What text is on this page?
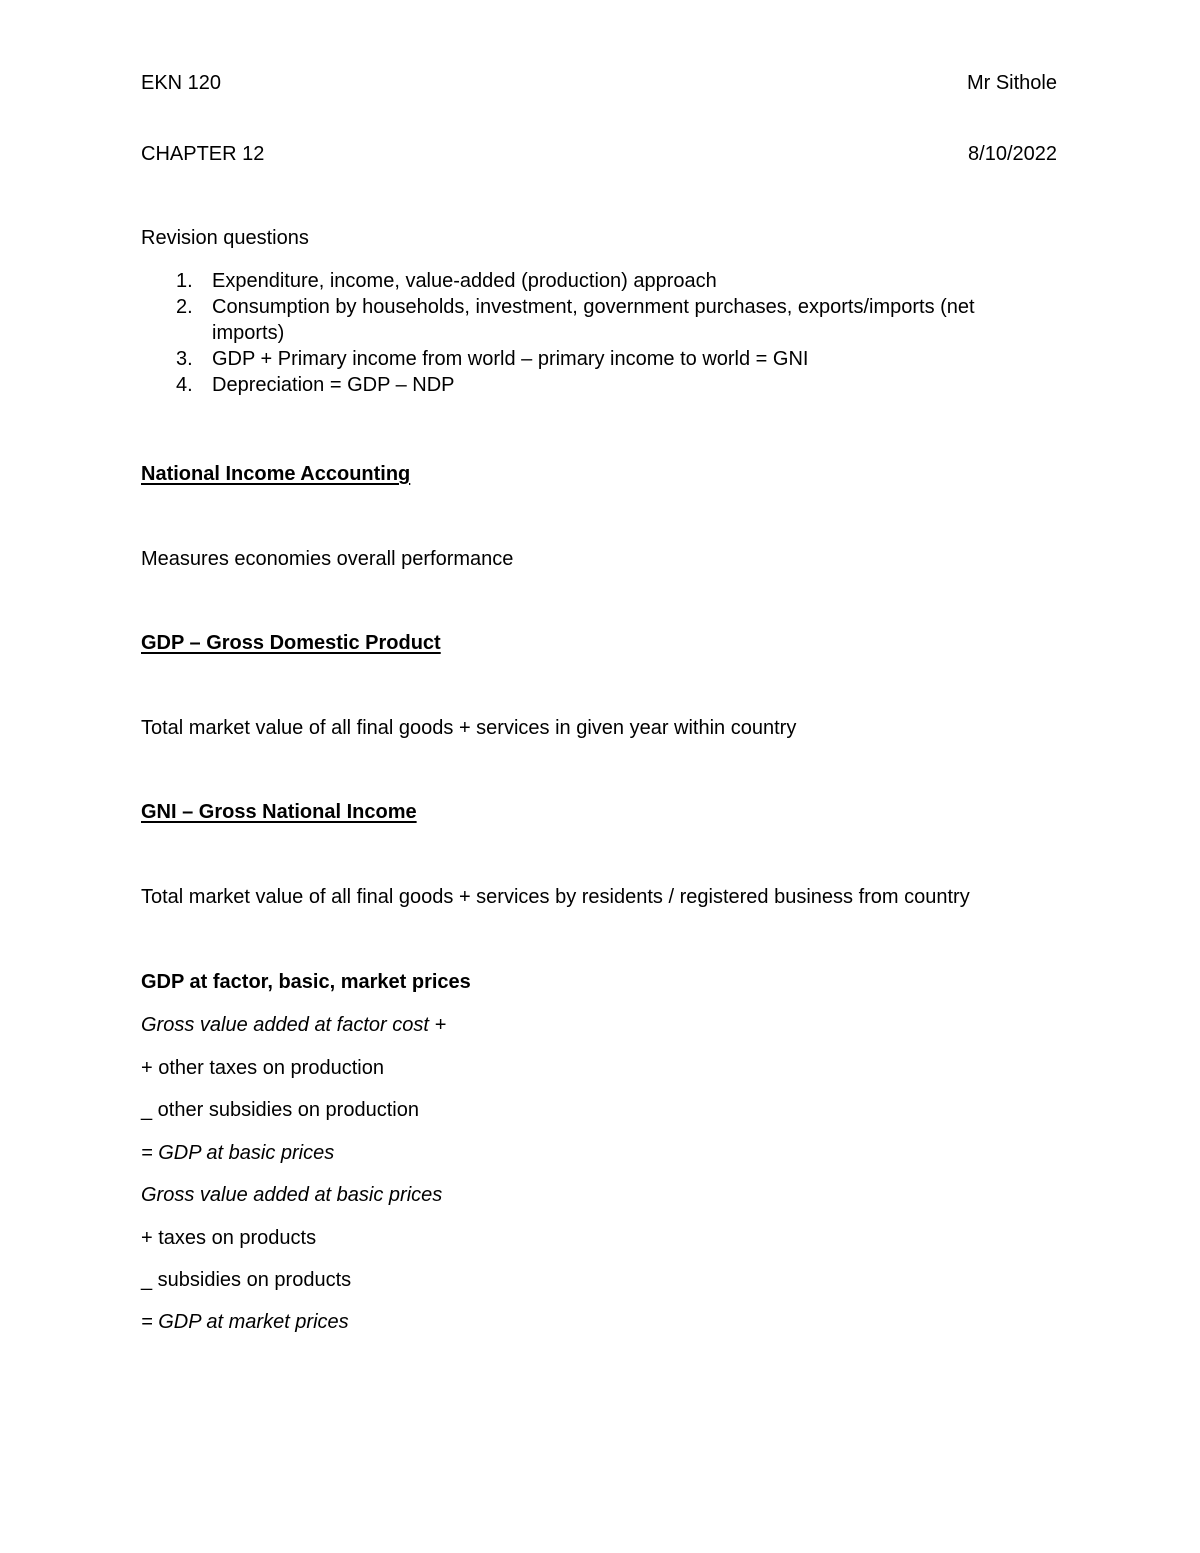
EKN 120	Mr Sithole
CHAPTER 12	8/10/2022
Revision questions
1. Expenditure, income, value-added (production) approach
2. Consumption by households, investment, government purchases, exports/imports (net
imports)
3. GDP + Primary income from world – primary income to world = GNI
4. Depreciation = GDP – NDP
National Income Accounting
Measures economies overall performance
GDP – Gross Domestic Product
Total market value of all final goods + services in given year within country
GNI – Gross National Income
Total market value of all final goods + services by residents / registered business from country
GDP at factor, basic, market prices
Gross value added at factor cost +
+ other taxes on production
_ other subsidies on production
= GDP at basic prices
Gross value added at basic prices
+ taxes on products
_ subsidies on products
= GDP at market prices
